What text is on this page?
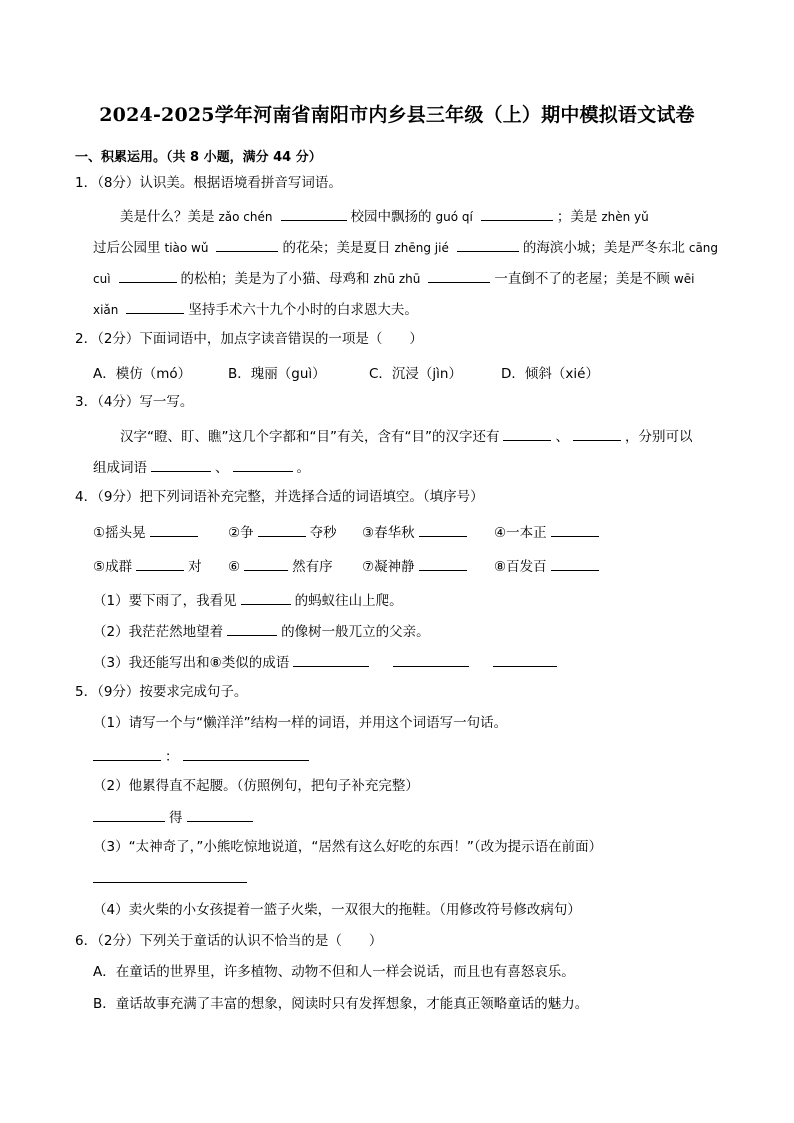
2024-2025学年河南省南阳市内乡县三年级（上）期中模拟语文试卷
一、积累运用。（共 8 小题，满分 44 分）
1．（8分）认识美。根据语境看拼音写词语。
美是什么？美是 zǎo chén	校园中飘扬的 guó qí	；美是 zhèn yǔ
过后公园里 tiào wǔ	的花朵；美是夏日 zhēng jié	的海滨小城；美是严冬东北 cāng
cuì	的松柏；美是为了小猫、母鸡和 zhū zhū	一直倒不了的老屋；美是不顾 wēi
xiǎn	坚持手术六十九个小时的白求恩大夫。
2．（2分）下面词语中，加点字读音错误的一项是（　　）
A．模仿（mó）	B．瑰丽（guì）	C．沉浸（jìn）	D．倾斜（xié）
3．（4分）写一写。
汉字“瞪、盯、瞧”这几个字都和“目”有关，含有“目”的汉字还有	、	，分别可以
组成词语	、	。
4．（9分）把下列词语补充完整，并选择合适的词语填空。（填序号）
①摇头晃	②争	夺秒 ③春华秋	④一本正
⑤成群	对 ⑥	然有序 ⑦凝神静	⑧百发百
（1）要下雨了，我看见	的蚂蚁往山上爬。
（2）我茫茫然地望着	的像树一般兀立的父亲。
（3）我还能写出和⑧类似的成语
5．（9分）按要求完成句子。
（1）请写一个与“懒洋洋”结构一样的词语，并用这个词语写一句话。
：
（2）他累得直不起腰。（仿照例句，把句子补充完整）
得
（3）“太神奇了，”小熊吃惊地说道，“居然有这么好吃的东西！”（改为提示语在前面）
（4）卖火柴的小女孩提着一篮子火柴，一双很大的拖鞋。（用修改符号修改病句）
6．（2分）下列关于童话的认识不恰当的是（　　）
A．在童话的世界里，许多植物、动物不但和人一样会说话，而且也有喜怒哀乐。
B．童话故事充满了丰富的想象，阅读时只有发挥想象，才能真正领略童话的魅力。
